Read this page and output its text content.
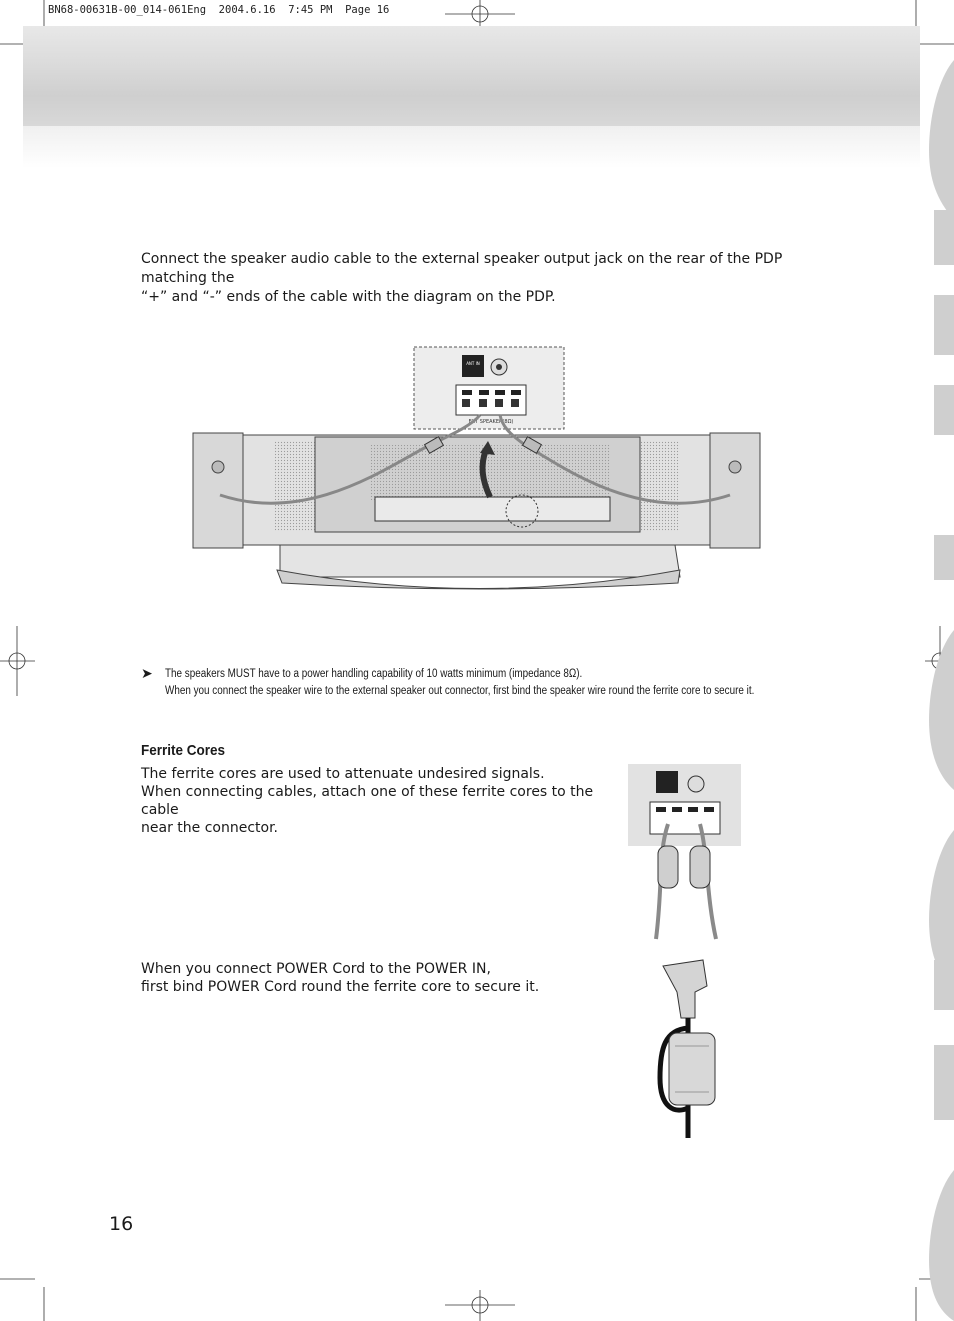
BN68-00631B-00_014-061Eng  2004.6.16  7:45 PM  Page 16
Connect the speaker audio cable to the external speaker output jack on the rear of the PDP matching the
“+” and “-” ends of the cable with the diagram on the PDP.
EXT SPEAKER(8Ω)
ANT IN
➤ The speakers MUST have to a power handling capability of 10 watts minimum (impedance 8Ω).
When you connect the speaker wire to the external speaker out connector, first bind the speaker wire round the ferrite core to secure it.
Ferrite Cores
The ferrite cores are used to attenuate undesired signals.
When connecting cables, attach one of these ferrite cores to the cable
near the connector.
When you connect POWER Cord to the POWER IN,
first bind POWER Cord round the ferrite core to secure it.
16
